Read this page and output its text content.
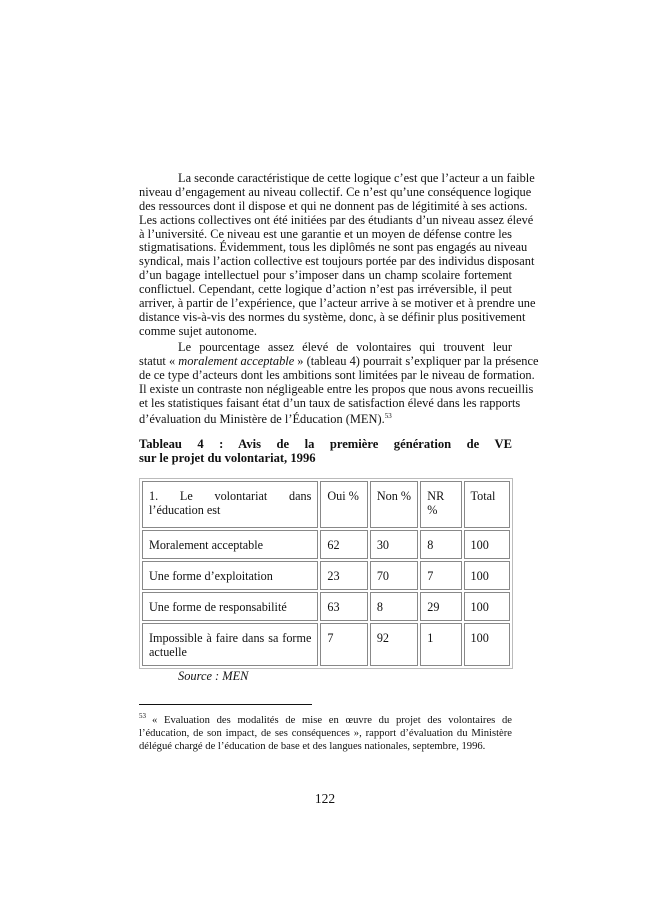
La seconde caractéristique de cette logique c’est que l’acteur a un faible
niveau d’engagement au niveau collectif. Ce n’est qu’une conséquence logique
des ressources dont il dispose et qui ne donnent pas de légitimité à ses actions.
Les actions collectives ont été initiées par des étudiants d’un niveau assez élevé
à l’université. Ce niveau est une garantie et un moyen de défense contre les
stigmatisations. Évidemment, tous les diplômés ne sont pas engagés au niveau
syndical, mais l’action collective est toujours portée par des individus disposant
d’un bagage intellectuel pour s’imposer dans un champ scolaire fortement
conflictuel. Cependant, cette logique d’action n’est pas irréversible, il peut
arriver, à partir de l’expérience, que l’acteur arrive à se motiver et à prendre une
distance vis-à-vis des normes du système, donc, à se définir plus positivement
comme sujet autonome.
Le pourcentage assez élevé de volontaires qui trouvent leur
statut « moralement acceptable » (tableau 4) pourrait s’expliquer par la présence
de ce type d’acteurs dont les ambitions sont limitées par le niveau de formation.
Il existe un contraste non négligeable entre les propos que nous avons recueillis
et les statistiques faisant état d’un taux de satisfaction élevé dans les rapports
d’évaluation du Ministère de l’Éducation (MEN).$^{53}$
Tableau 4 : Avis de la première génération de VE
sur le projet du volontariat, 1996
1. Le volontariat dans l’éducation est	Oui %	Non %	NR %	Total
Moralement acceptable	62	30	8	100
Une forme d’exploitation	23	70	7	100
Une forme de responsabilité	63	8	29	100
Impossible à faire dans sa forme actuelle	7	92	1	100
Source : MEN
$^{53}$ « Evaluation des modalités de mise en œuvre du projet des volontaires de l’éducation, de son impact, de ses conséquences », rapport d’évaluation du Ministère délégué chargé de l’éducation de base et des langues nationales, septembre, 1996.
122
